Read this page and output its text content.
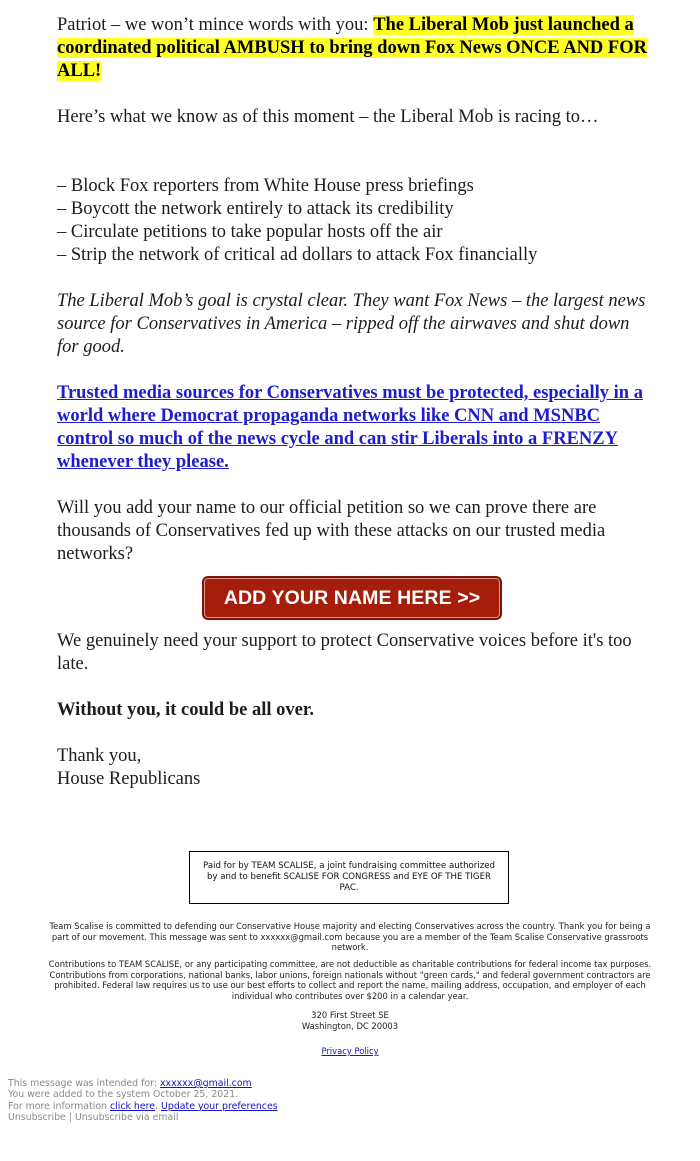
Patriot – we won’t mince words with you: The Liberal Mob just launched a coordinated political AMBUSH to bring down Fox News ONCE AND FOR ALL!

Here’s what we know as of this moment – the Liberal Mob is racing to…

– Block Fox reporters from White House press briefings
– Boycott the network entirely to attack its credibility
– Circulate petitions to take popular hosts off the air
– Strip the network of critical ad dollars to attack Fox financially

The Liberal Mob’s goal is crystal clear. They want Fox News – the largest news source for Conservatives in America – ripped off the airwaves and shut down for good.

Trusted media sources for Conservatives must be protected, especially in a world where Democrat propaganda networks like CNN and MSNBC control so much of the news cycle and can stir Liberals into a FRENZY whenever they please.

Will you add your name to our official petition so we can prove there are thousands of Conservatives fed up with these attacks on our trusted media networks?

ADD YOUR NAME HERE >>

We genuinely need your support to protect Conservative voices before it's too late.

Without you, it could be all over.

Thank you,
House Republicans

Paid for by TEAM SCALISE, a joint fundraising committee authorized by and to benefit SCALISE FOR CONGRESS and EYE OF THE TIGER PAC.
Team Scalise is committed to defending our Conservative House majority and electing Conservatives across the country. Thank you for being a part of our movement. This message was sent to xxxxxx@gmail.com because you are a member of the Team Scalise Conservative grassroots network.
Contributions to TEAM SCALISE, or any participating committee, are not deductible as charitable contributions for federal income tax purposes. Contributions from corporations, national banks, labor unions, foreign nationals without "green cards," and federal government contractors are prohibited. Federal law requires us to use our best efforts to collect and report the name, mailing address, occupation, and employer of each individual who contributes over $200 in a calendar year.
320 First Street SE
Washington, DC 20003
Privacy Policy
This message was intended for: xxxxxx@gmail.com
You were added to the system October 25, 2021.
For more information click here. Update your preferences
Unsubscribe | Unsubscribe via email
